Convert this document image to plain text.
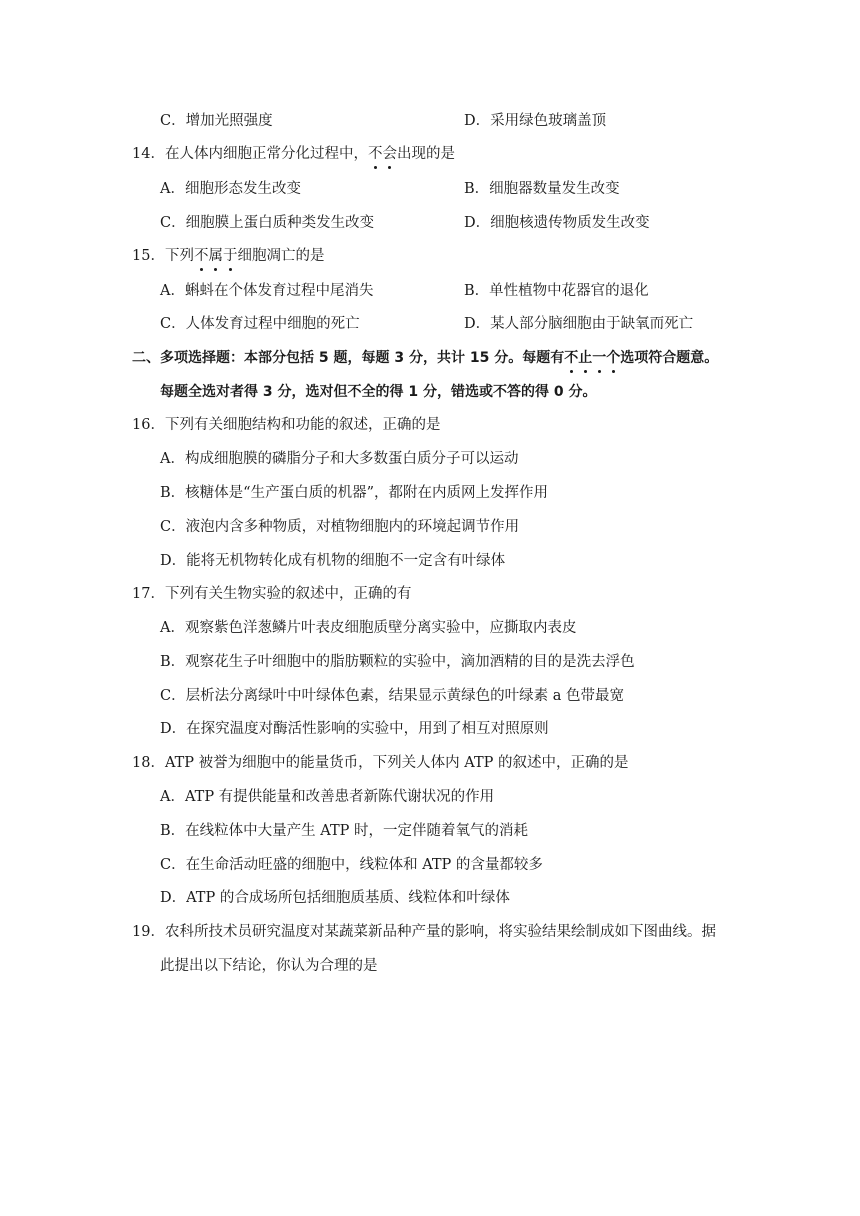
C．增加光照强度	D．采用绿色玻璃盖顶
14．在人体内细胞正常分化过程中，不会出现的是
A．细胞形态发生改变	B．细胞器数量发生改变
C．细胞膜上蛋白质种类发生改变	D．细胞核遗传物质发生改变
15．下列不属于细胞凋亡的是
A．蝌蚪在个体发育过程中尾消失	B．单性植物中花器官的退化
C．人体发育过程中细胞的死亡	D．某人部分脑细胞由于缺氧而死亡
二、多项选择题：本部分包括 5 题，每题 3 分，共计 15 分。每题有不止一个选项符合题意。
每题全选对者得 3 分，选对但不全的得 1 分，错选或不答的得 0 分。
16．下列有关细胞结构和功能的叙述，正确的是
A．构成细胞膜的磷脂分子和大多数蛋白质分子可以运动
B．核糖体是“生产蛋白质的机器”，都附在内质网上发挥作用
C．液泡内含多种物质，对植物细胞内的环境起调节作用
D．能将无机物转化成有机物的细胞不一定含有叶绿体
17．下列有关生物实验的叙述中，正确的有
A．观察紫色洋葱鳞片叶表皮细胞质壁分离实验中，应撕取内表皮
B．观察花生子叶细胞中的脂肪颗粒的实验中，滴加酒精的目的是洗去浮色
C．层析法分离绿叶中叶绿体色素，结果显示黄绿色的叶绿素 a 色带最宽
D．在探究温度对酶活性影响的实验中，用到了相互对照原则
18．ATP 被誉为细胞中的能量货币，下列关人体内 ATP 的叙述中，正确的是
A．ATP 有提供能量和改善患者新陈代谢状况的作用
B．在线粒体中大量产生 ATP 时，一定伴随着氧气的消耗
C．在生命活动旺盛的细胞中，线粒体和 ATP 的含量都较多
D．ATP 的合成场所包括细胞质基质、线粒体和叶绿体
19．农科所技术员研究温度对某蔬菜新品种产量的影响，将实验结果绘制成如下图曲线。据
此提出以下结论，你认为合理的是
